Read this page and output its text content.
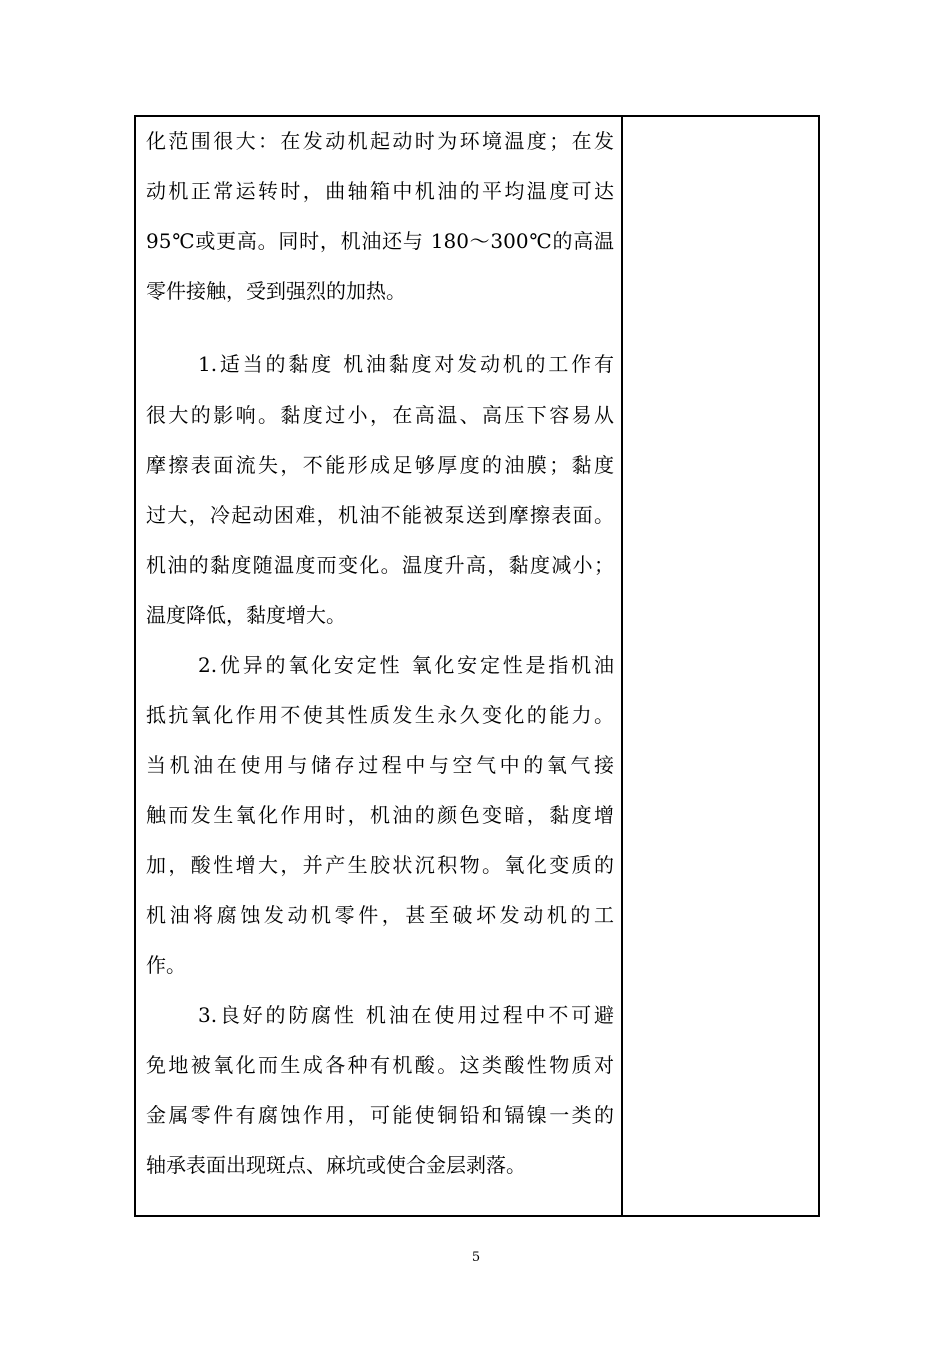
化范围很大：在发动机起动时为环境温度；在发
动机正常运转时，曲轴箱中机油的平均温度可达
95℃或更高。同时，机油还与 180～300℃的高温
零件接触，受到强烈的加热。
1.适当的黏度 机油黏度对发动机的工作有
很大的影响。黏度过小，在高温、高压下容易从
摩擦表面流失，不能形成足够厚度的油膜；黏度
过大，冷起动困难，机油不能被泵送到摩擦表面。
机油的黏度随温度而变化。温度升高，黏度减小；
温度降低，黏度增大。
2.优异的氧化安定性 氧化安定性是指机油
抵抗氧化作用不使其性质发生永久变化的能力。
当机油在使用与储存过程中与空气中的氧气接
触而发生氧化作用时，机油的颜色变暗，黏度增
加，酸性增大，并产生胶状沉积物。氧化变质的
机油将腐蚀发动机零件，甚至破坏发动机的工
作。
3.良好的防腐性 机油在使用过程中不可避
免地被氧化而生成各种有机酸。这类酸性物质对
金属零件有腐蚀作用，可能使铜铅和镉镍一类的
轴承表面出现斑点、麻坑或使合金层剥落。
5
